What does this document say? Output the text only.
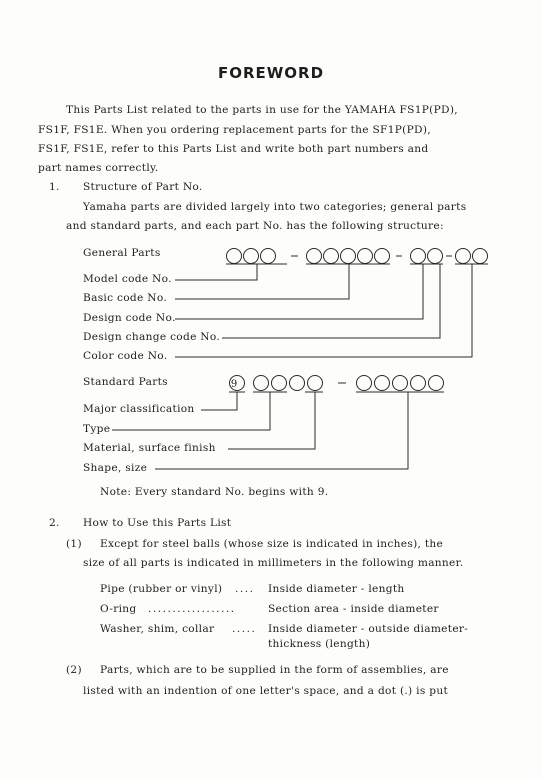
FOREWORD
This Parts List related to the parts in use for the YAMAHA FS1P(PD),
FS1F, FS1E. When you ordering replacement parts for the SF1P(PD),
FS1F, FS1E, refer to this Parts List and write both part numbers and
part names correctly.
1. Structure of Part No.
Yamaha parts are divided largely into two categories; general parts
and standard parts, and each part No. has the following structure:
General Parts
Model code No.
Basic code No.
Design code No.
Design change code No.
Color code No.
Standard Parts
Major classification
Type
Material, surface finish
Shape, size
Note: Every standard No. begins with 9.
9
2. How to Use this Parts List
(1) Except for steel balls (whose size is indicated in inches), the
size of all parts is indicated in millimeters in the following manner.
Pipe (rubber or vinyl) .... Inside diameter - length
O-ring ..................	Section area - inside diameter
Washer, shim, collar ..... Inside diameter - outside diameter-
thickness (length)
(2) Parts, which are to be supplied in the form of assemblies, are
listed with an indention of one letter's space, and a dot (.) is put
